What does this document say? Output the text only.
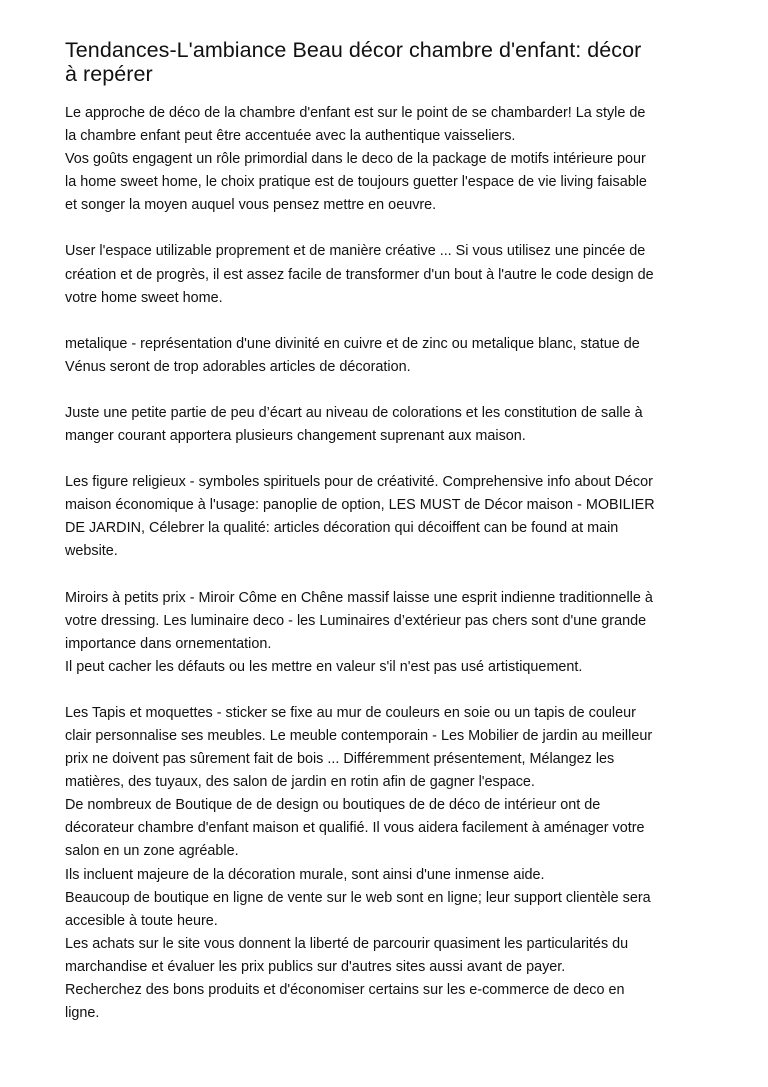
Tendances-L'ambiance Beau décor chambre d'enfant: décor
à repérer

Le approche de déco de la chambre d'enfant est sur le point de se chambarder! La style de
la chambre enfant peut être accentuée avec la authentique vaisseliers.
Vos goûts engagent un rôle primordial dans le deco de la package de motifs intérieure pour
la home sweet home, le choix pratique est de toujours guetter l'espace de vie living faisable
et songer la moyen auquel vous pensez mettre en oeuvre.

User l'espace utilizable proprement et de manière créative ... Si vous utilisez une pincée de
création et de progrès, il est assez facile de transformer d'un bout à l'autre le code design de
votre home sweet home.

metalique - représentation d'une divinité en cuivre et de zinc ou metalique blanc, statue de
Vénus seront de trop adorables articles de décoration.

Juste une petite partie de peu d’écart au niveau de colorations et les constitution de salle à
manger courant apportera plusieurs changement suprenant aux maison.

Les figure religieux - symboles spirituels pour de créativité. Comprehensive info about Décor
maison économique à l'usage: panoplie de option, LES MUST de Décor maison - MOBILIER
DE JARDIN, Célebrer la qualité: articles décoration qui décoiffent can be found at main
website.

Miroirs à petits prix - Miroir Côme en Chêne massif laisse une esprit indienne traditionnelle à
votre dressing. Les luminaire deco - les Luminaires d’extérieur pas chers sont d'une grande
importance dans ornementation.
Il peut cacher les défauts ou les mettre en valeur s'il n'est pas usé artistiquement.

Les Tapis et moquettes - sticker se fixe au mur de couleurs en soie ou un tapis de couleur
clair personnalise ses meubles. Le meuble contemporain - Les Mobilier de jardin au meilleur
prix ne doivent pas sûrement fait de bois ... Différemment présentement, Mélangez les
matières, des tuyaux, des salon de jardin en rotin afin de gagner l'espace.
De nombreux de Boutique de de design ou boutiques de de déco de intérieur ont de
décorateur chambre d'enfant maison et qualifié. Il vous aidera facilement à aménager votre
salon en un zone agréable.
Ils incluent majeure de la décoration murale, sont ainsi d'une inmense aide.
Beaucoup de boutique en ligne de vente sur le web sont en ligne; leur support clientèle sera
accesible à toute heure.
Les achats sur le site vous donnent la liberté de parcourir quasiment les particularités du
marchandise et évaluer les prix publics sur d'autres sites aussi avant de payer.
Recherchez des bons produits et d'économiser certains sur les e-commerce de deco en
ligne.
